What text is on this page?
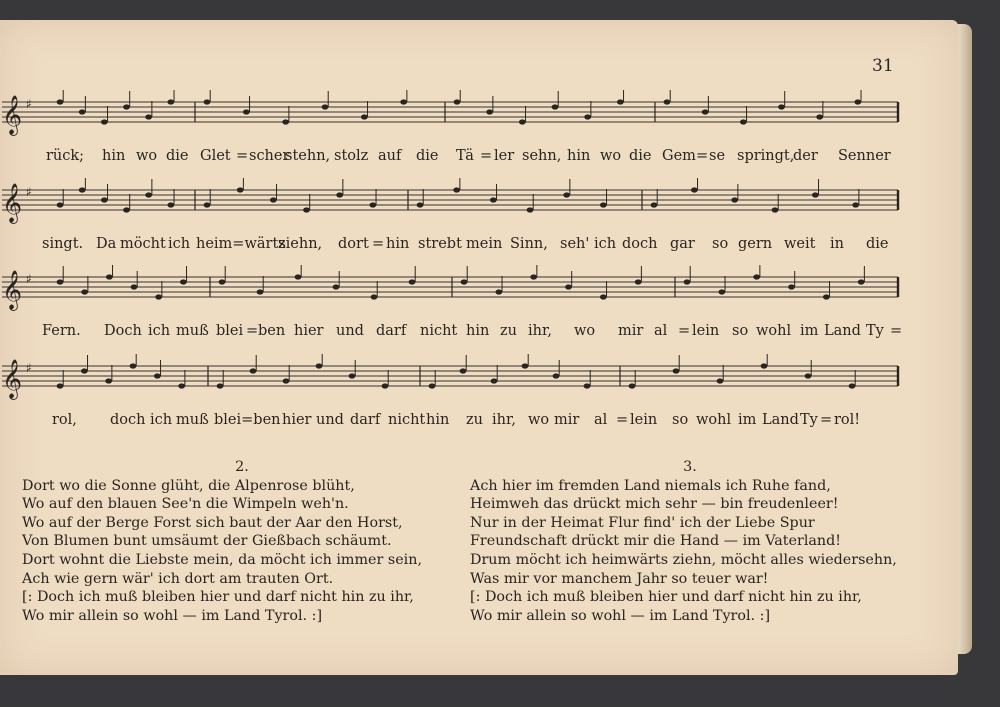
31
𝄞 ♯
rück; hin wo die Glet = scher
stehn, stolz auf die Tä = ler sehn, hin wo die Gem = se springt,
der Senner
𝄞 ♯
singt. Da möcht ich heim=wärts
ziehn, dort = hin strebt mein Sinn, seh' ich doch gar so gern weit in die
𝄞 ♯
Fern. Doch ich muß blei = ben hier und darf nicht hin zu ihr, wo mir al = lein so wohl im Land Ty =
𝄞 ♯
rol, doch ich muß blei=ben hier und darf nicht hin zu ihr, wo mir al = lein so wohl im Land Ty = rol!
2.
Dort wo die Sonne glüht, die Alpenrose blüht,
Wo auf den blauen See'n die Wimpeln weh'n.
Wo auf der Berge Forst sich baut der Aar den Horst,
Von Blumen bunt umsäumt der Gießbach schäumt.
Dort wohnt die Liebste mein, da möcht ich immer sein,
Ach wie gern wär' ich dort am trauten Ort.
[: Doch ich muß bleiben hier und darf nicht hin zu ihr,
Wo mir allein so wohl — im Land Tyrol. :]
3.
Ach hier im fremden Land niemals ich Ruhe fand,
Heimweh das drückt mich sehr — bin freudenleer!
Nur in der Heimat Flur find' ich der Liebe Spur
Freundschaft drückt mir die Hand — im Vaterland!
Drum möcht ich heimwärts ziehn, möcht alles wiedersehn,
Was mir vor manchem Jahr so teuer war!
[: Doch ich muß bleiben hier und darf nicht hin zu ihr,
Wo mir allein so wohl — im Land Tyrol. :]
